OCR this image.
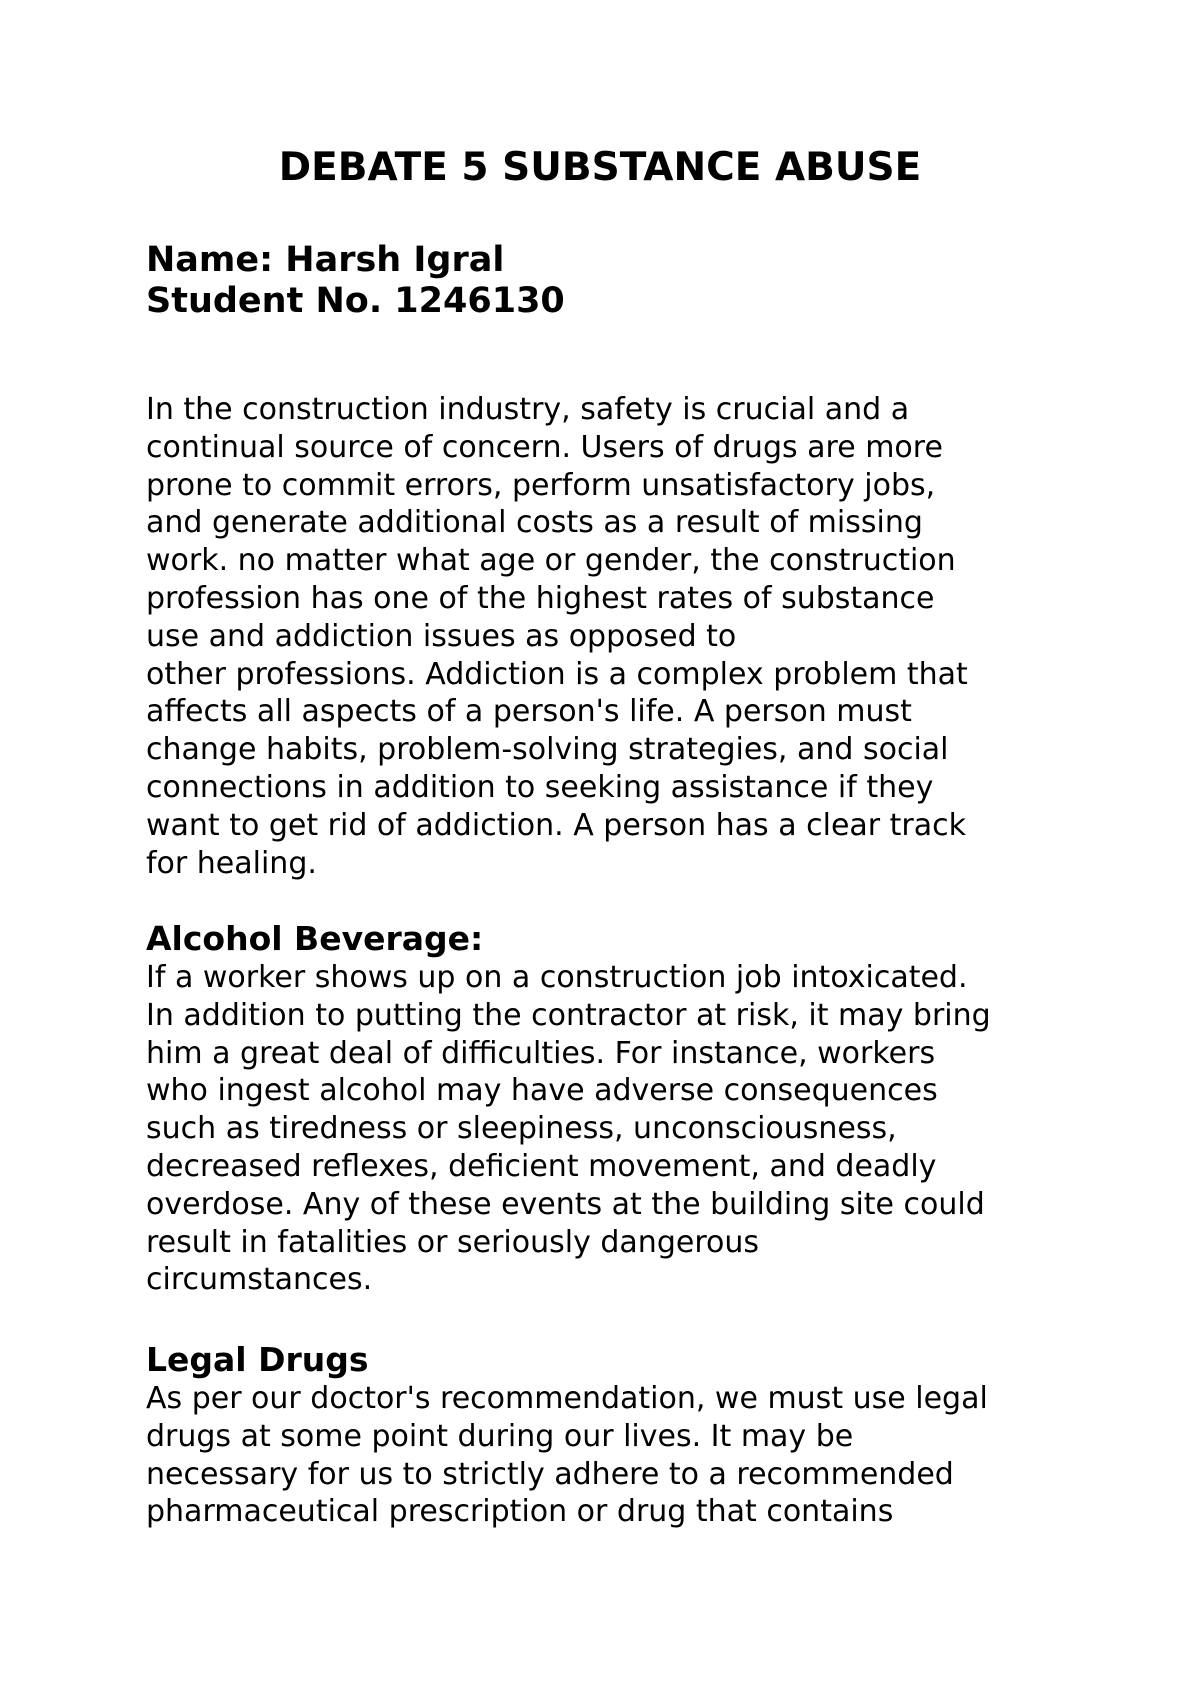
DEBATE 5 SUBSTANCE ABUSE
Name: Harsh Igral
Student No. 1246130

In the construction industry, safety is crucial and a
continual source of concern. Users of drugs are more
prone to commit errors, perform unsatisfactory jobs,
and generate additional costs as a result of missing
work. no matter what age or gender, the construction
profession has one of the highest rates of substance
use and addiction issues as opposed to
other professions. Addiction is a complex problem that
affects all aspects of a person's life. A person must
change habits, problem-solving strategies, and social
connections in addition to seeking assistance if they
want to get rid of addiction. A person has a clear track
for healing.

Alcohol Beverage:

If a worker shows up on a construction job intoxicated.
In addition to putting the contractor at risk, it may bring
him a great deal of difficulties. For instance, workers
who ingest alcohol may have adverse consequences
such as tiredness or sleepiness, unconsciousness,
decreased reflexes, deficient movement, and deadly
overdose. Any of these events at the building site could
result in fatalities or seriously dangerous
circumstances.

Legal Drugs

As per our doctor's recommendation, we must use legal
drugs at some point during our lives. It may be
necessary for us to strictly adhere to a recommended
pharmaceutical prescription or drug that contains
